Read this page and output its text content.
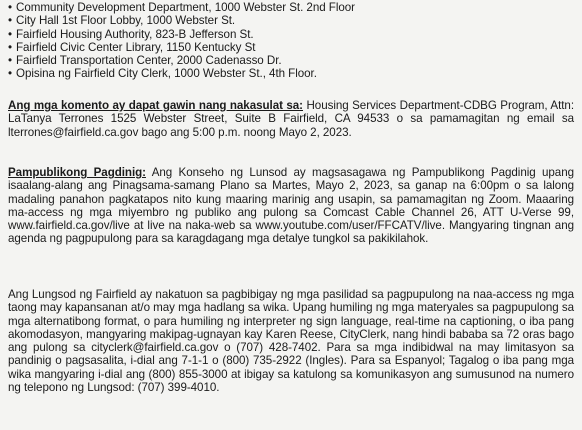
• Community Development Department, 1000 Webster St. 2nd Floor
• City Hall 1st Floor Lobby, 1000 Webster St.
• Fairfield Housing Authority, 823-B Jefferson St.
• Fairfield Civic Center Library, 1150 Kentucky St
• Fairfield Transportation Center, 2000 Cadenasso Dr.
• Opisina ng Fairfield City Clerk, 1000 Webster St., 4th Floor.

Ang mga komento ay dapat gawin nang nakasulat sa: Housing Services Department-CDBG Program, Attn: LaTanya Terrones 1525 Webster Street, Suite B Fairfield, CA 94533 o sa pamamagitan ng email sa lterrones@fairfield.ca.gov bago ang 5:00 p.m. noong Mayo 2, 2023.

Pampublikong Pagdinig: Ang Konseho ng Lunsod ay magsasagawa ng Pampublikong Pagdinig upang isaalang-alang ang Pinagsama-samang Plano sa Martes, Mayo 2, 2023, sa ganap na 6:00pm o sa lalong madaling panahon pagkatapos nito kung maaring marinig ang usapin, sa pamamagitan ng Zoom. Maaaring ma-access ng mga miyembro ng publiko ang pulong sa Comcast Cable Channel 26, ATT U-Verse 99, www.fairfield.ca.gov/live at live na naka-web sa www.youtube.com/user/FFCATV/live. Mangyaring tingnan ang agenda ng pagpupulong para sa karagdagang mga detalye tungkol sa pakikilahok.

Ang Lungsod ng Fairfield ay nakatuon sa pagbibigay ng mga pasilidad sa pagpupulong na naa-access ng mga taong may kapansanan at/o may mga hadlang sa wika. Upang humiling ng mga materyales sa pagpupulong sa mga alternatibong format, o para humiling ng interpreter ng sign language, real-time na captioning, o iba pang akomodasyon, mangyaring makipag-ugnayan kay Karen Reese, CityClerk, nang hindi bababa sa 72 oras bago ang pulong sa cityclerk@fairfield.ca.gov o (707) 428-7402. Para sa mga indibidwal na may limitasyon sa pandinig o pagsasalita, i-dial ang 7-1-1 o (800) 735-2922 (Ingles). Para sa Espanyol; Tagalog o iba pang mga wika mangyaring i-dial ang (800) 855-3000 at ibigay sa katulong sa komunikasyon ang sumusunod na numero ng telepono ng Lungsod: (707) 399-4010.
